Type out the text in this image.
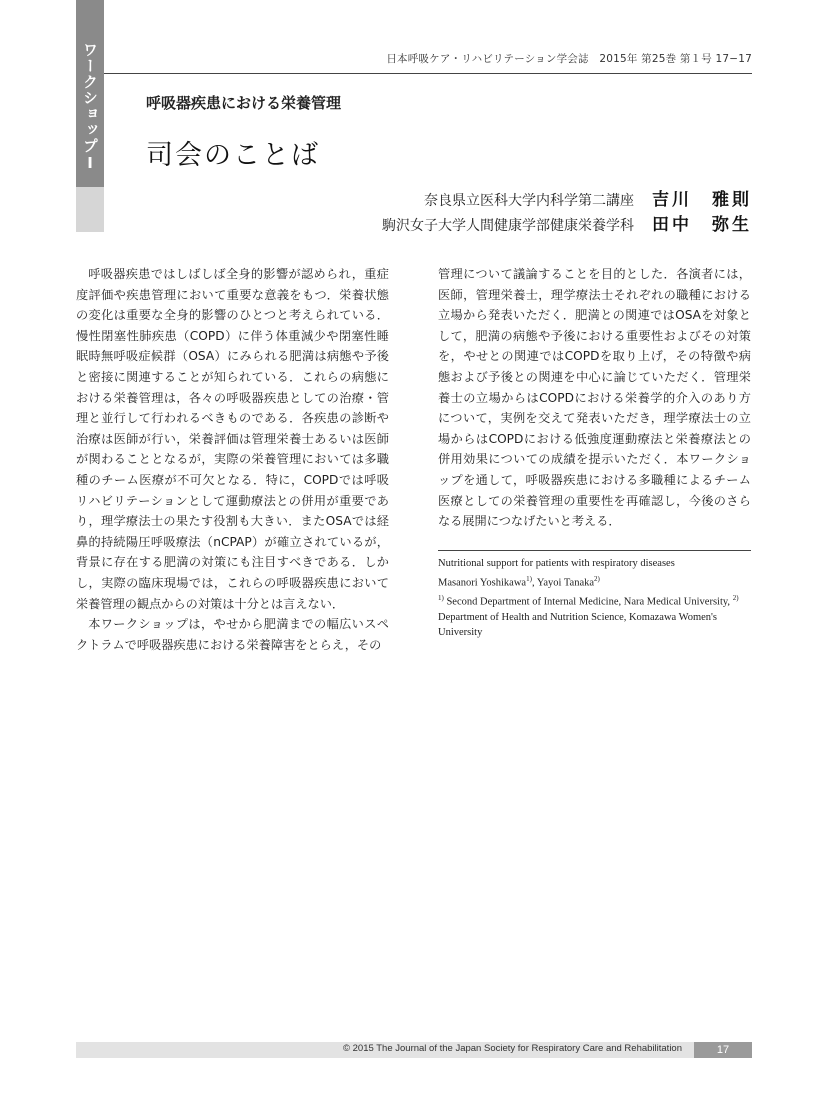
ワークショップI	日本呼吸ケア・リハビリテーション学会誌　2015年 第25巻 第１号 17−17
呼吸器疾患における栄養管理
司会のことば
奈良県立医科大学内科学第二講座 吉川　雅則
駒沢女子大学人間健康学部健康栄養学科 田中　弥生

呼吸器疾患ではしばしば全身的影響が認められ，重症度評価や疾患管理において重要な意義をもつ．栄養状態の変化は重要な全身的影響のひとつと考えられている．慢性閉塞性肺疾患（COPD）に伴う体重減少や閉塞性睡眠時無呼吸症候群（OSA）にみられる肥満は病態や予後と密接に関連することが知られている．これらの病態における栄養管理は，各々の呼吸器疾患としての治療・管理と並行して行われるべきものである．各疾患の診断や治療は医師が行い，栄養評価は管理栄養士あるいは医師が関わることとなるが，実際の栄養管理においては多職種のチーム医療が不可欠となる．特に，COPDでは呼吸リハビリテーションとして運動療法との併用が重要であり，理学療法士の果たす役割も大きい．またOSAでは経鼻的持続陽圧呼吸療法（nCPAP）が確立されているが，背景に存在する肥満の対策にも注目すべきである．しかし，実際の臨床現場では，これらの呼吸器疾患において栄養管理の観点からの対策は十分とは言えない．

本ワークショップは，やせから肥満までの幅広いスペクトラムで呼吸器疾患における栄養障害をとらえ，その

管理について議論することを目的とした．各演者には，医師，管理栄養士，理学療法士それぞれの職種における立場から発表いただく．肥満との関連ではOSAを対象として，肥満の病態や予後における重要性およびその対策を，やせとの関連ではCOPDを取り上げ，その特徴や病態および予後との関連を中心に論じていただく．管理栄養士の立場からはCOPDにおける栄養学的介入のあり方について，実例を交えて発表いただき，理学療法士の立場からはCOPDにおける低強度運動療法と栄養療法との併用効果についての成績を提示いただく．本ワークショップを通して，呼吸器疾患における多職種によるチーム医療としての栄養管理の重要性を再確認し，今後のさらなる展開につなげたいと考える．

Nutritional support for patients with respiratory diseases
Masanori Yoshikawa$^{1)}$, Yayoi Tanaka$^{2)}$
$^{1)}$ Second Department of Internal Medicine, Nara Medical University, $^{2)}$ Department of Health and Nutrition Science, Komazawa Women's University
© 2015 The Journal of the Japan Society for Respiratory Care and Rehabilitation	17
